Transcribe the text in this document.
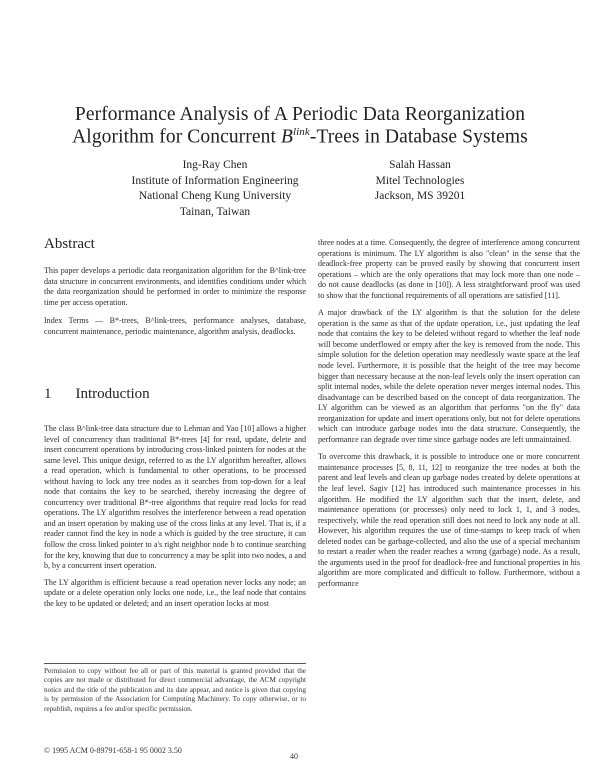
Performance Analysis of A Periodic Data Reorganization
Algorithm for Concurrent $B^{link}$-Trees in Database Systems
Ing-Ray Chen
Institute of Information Engineering
National Cheng Kung University
Tainan, Taiwan
Salah Hassan
Mitel Technologies
Jackson, MS 39201
Abstract

This paper develops a periodic data reorganization algorithm for the B^link-tree data structure in concurrent environments, and identifies conditions under which the data reorganization should be performed in order to minimize the response time per access operation.

Index Terms — B*-trees, B^link-trees, performance analyses, database, concurrent maintenance, periodic maintenance, algorithm analysis, deadlocks.

1 Introduction

The class B^link-tree data structure due to Lehman and Yao [10] allows a higher level of concurrency than traditional B*-trees [4] for read, update, delete and insert concurrent operations by introducing cross-linked pointers for nodes at the same level. This unique design, referred to as the LY algorithm hereafter, allows a read operation, which is fundamental to other operations, to be processed without having to lock any tree nodes as it searches from top-down for a leaf node that contains the key to be searched, thereby increasing the degree of concurrency over traditional B*-tree algorithms that require read locks for read operations. The LY algorithm resolves the interference between a read operation and an insert operation by making use of the cross links at any level. That is, if a reader cannot find the key in node a which is guided by the tree structure, it can follow the cross linked pointer to a's right neighbor node b to continue searching for the key, knowing that due to concurrency a may be split into two nodes, a and b, by a concurrent insert operation.

The LY algorithm is efficient because a read operation never locks any node; an update or a delete operation only locks one node, i.e., the leaf node that contains the key to be updated or deleted; and an insert operation locks at most

Permission to copy without fee all or part of this material is granted provided that the copies are not made or distributed for direct commercial advantage, the ACM copyright notice and the title of the publication and its date appear, and notice is given that copying is by permission of the Association for Computing Machinery. To copy otherwise, or to republish, requires a fee and/or specific permission.
© 1995 ACM 0-89791-658-1 95 0002 3.50
40

three nodes at a time. Consequently, the degree of interference among concurrent operations is minimum. The LY algorithm is also "clean" in the sense that the deadlock-free property can be proved easily by showing that concurrent insert operations – which are the only operations that may lock more than one node – do not cause deadlocks (as done in [10]). A less straightforward proof was used to show that the functional requirements of all operations are satisfied [11].

A major drawback of the LY algorithm is that the solution for the delete operation is the same as that of the update operation, i.e., just updating the leaf node that contains the key to be deleted without regard to whether the leaf node will become underflowed or empty after the key is removed from the node. This simple solution for the deletion operation may needlessly waste space at the leaf node level. Furthermore, it is possible that the height of the tree may become bigger than necessary because at the non-leaf levels only the insert operation can split internal nodes, while the delete operation never merges internal nodes. This disadvantage can be described based on the concept of data reorganization. The LY algorithm can be viewed as an algorithm that performs "on the fly" data reorganization for update and insert operations only, but not for delete operations which can introduce garbage nodes into the data structure. Consequently, the performance can degrade over time since garbage nodes are left unmaintained.

To overcome this drawback, it is possible to introduce one or more concurrent maintenance processes [5, 8, 11, 12] to reorganize the tree nodes at both the parent and leaf levels and clean up garbage nodes created by delete operations at the leaf level. Sagiv [12] has introduced such maintenance processes in his algorithm. He modified the LY algorithm such that the insert, delete, and maintenance operations (or processes) only need to lock 1, 1, and 3 nodes, respectively, while the read operation still does not need to lock any node at all. However, his algorithm requires the use of time-stamps to keep track of when deleted nodes can be garbage-collected, and also the use of a special mechanism to restart a reader when the reader reaches a wrong (garbage) node. As a result, the arguments used in the proof for deadlock-free and functional properties in his algorithm are more complicated and difficult to follow. Furthermore, without a performance
